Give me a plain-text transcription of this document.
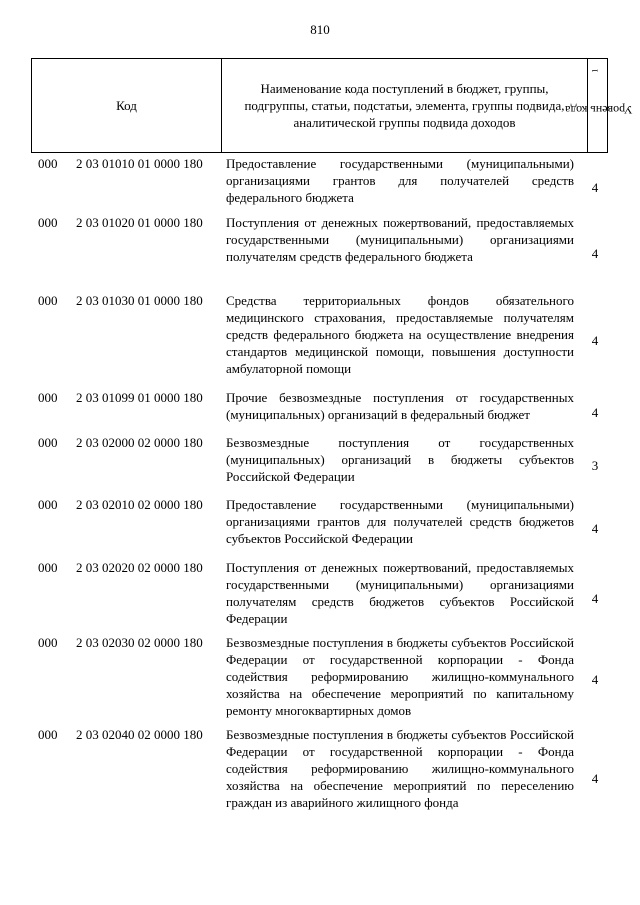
810
Код
Наименование кода поступлений в бюджет, группы, подгруппы, статьи, подстатьи, элемента, группы подвида, аналитической группы подвида доходов
Уровень кода $^1$
000 2 03 01010 01 0000 180 Предоставление государственными (муниципальными) организациями грантов для получателей средств федерального бюджета
4
000 2 03 01020 01 0000 180 Поступления от денежных пожертвований, предоставляемых государственными (муниципальными) организациями получателям средств федерального бюджета	4
000 2 03 01030 01 0000 180 Средства территориальных фондов обязательного медицинского страхования, предоставляемые получателям средств федерального бюджета на осуществление внедрения стандартов медицинской помощи, повышения доступности амбулаторной помощи
4
000 2 03 01099 01 0000 180 Прочие безвозмездные поступления от государственных (муниципальных) организаций в федеральный бюджет	4
000 2 03 02000 02 0000 180 Безвозмездные поступления от государственных (муниципальных) организаций в бюджеты субъектов Российской Федерации
3
000 2 03 02010 02 0000 180 Предоставление государственными (муниципальными) организациями грантов для получателей средств бюджетов субъектов Российской Федерации
4
000 2 03 02020 02 0000 180 Поступления от денежных пожертвований, предоставляемых государственными (муниципальными) организациями получателям средств бюджетов субъектов Российской Федерации
4
000 2 03 02030 02 0000 180 Безвозмездные поступления в бюджеты субъектов Российской Федерации от государственной корпорации - Фонда содействия реформированию жилищно-коммунального хозяйства на обеспечение мероприятий по капитальному ремонту многоквартирных домов
4
000 2 03 02040 02 0000 180 Безвозмездные поступления в бюджеты субъектов Российской Федерации от государственной корпорации - Фонда содействия реформированию жилищно-коммунального хозяйства на обеспечение мероприятий по переселению граждан из аварийного жилищного фонда
4
